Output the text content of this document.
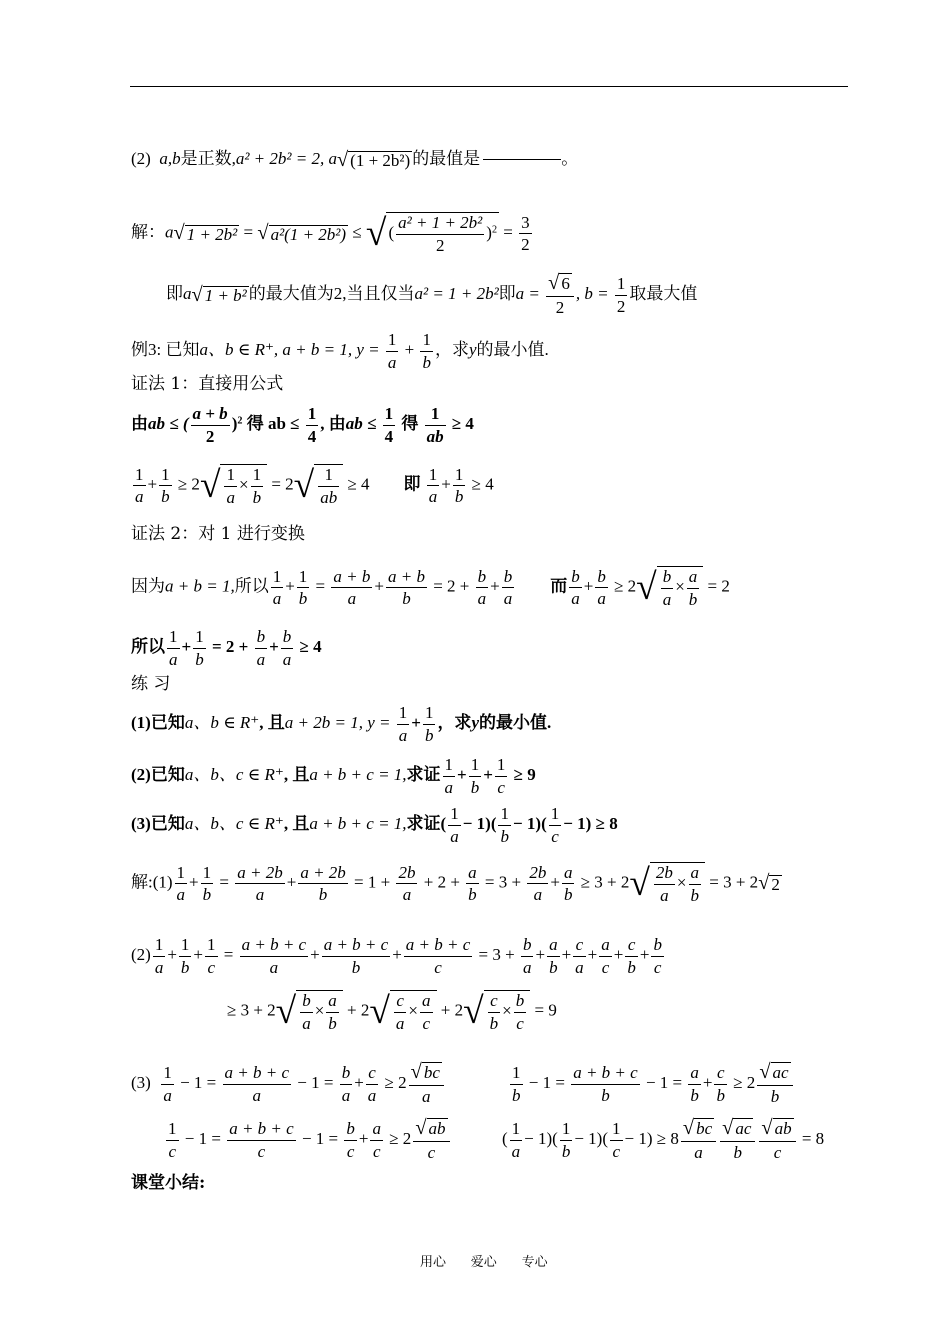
(2) a,b是正数,a² + 2b² = 2, a√ (1 + 2b²) 的最值是	。
解：a√ 1 + 2b² = √ a²(1 + 2b²) ≤ √ ( $\frac{\text{a² + 1 + 2b²}}{2} )^2 = \frac{3}{2}$
即a√ 1 + b² 的最大值为2,当且仅当a² = 1 + 2b²即$a = \frac{√ 6}{2}$ , $b = \frac{1}{2}$ 取最大值
例3: 已知a、b ∈ R⁺, a + b = 1, $y = \frac{1}{a} + \frac{1}{b}$ ，求y的最小值.
证法 1：直接用公式
由ab ≤ ( $\frac{a + b}{2} )^2$ 得 ab ≤ $\frac{1}{4}$ , 由ab ≤ $\frac{1}{4}$ 得 $\frac{1}{ab} \ge 4$
$\frac{1}{a} + \frac{1}{b} \ge 2√ \frac{1}{a} \times \frac{1}{b} = 2√ \frac{1}{ab} \ge 4$ 即 $\frac{1}{a} + \frac{1}{b} \ge 4$
证法 2：对 1 进行变换
因为a + b = 1,所以 $\frac{1}{a} + \frac{1}{b} = \frac{a + b}{a} + \frac{a + b}{b} = 2 + \frac{b}{a} + \frac{b}{a}$ 而 $\frac{b}{a} + \frac{b}{a} \ge 2√ \frac{b}{a} \times \frac{a}{b} = 2$
所以 $\frac{1}{a} + \frac{1}{b} = 2 + \frac{b}{a} + \frac{b}{a} \ge 4$
练 习
(1)已知a、b ∈ R⁺, 且a + 2b = 1, $y = \frac{1}{a} + \frac{1}{b}$ ，求y的最小值.
(2)已知a、b、c ∈ R⁺, 且a + b + c = 1,求证 $\frac{1}{a} + \frac{1}{b} + \frac{1}{c} \ge 9$
(3)已知a、b、c ∈ R⁺, 且a + b + c = 1,求证( $\frac{1}{a} - 1)( \frac{1}{b} - 1)( \frac{1}{c} - 1) \ge 8$
解:(1) $\frac{1}{a} + \frac{1}{b} = \frac{a + 2b}{a} + \frac{a + 2b}{b} = 1 + \frac{2b}{a} + 2 + \frac{a}{b} = 3 + \frac{2b}{a} + \frac{a}{b} \ge 3 + 2√ \frac{2b}{a} \times \frac{a}{b} = 3 + 2√$ 2
$(2) \frac{1}{a} + \frac{1}{b} + \frac{1}{c} = \frac{a + b + c}{a} + \frac{a + b + c}{b} + \frac{a + b + c}{c} = 3 + \frac{b}{a} + \frac{a}{b} + \frac{c}{a} + \frac{a}{c} + \frac{c}{b} + \frac{b}{c}$
≥ $3 + 2√ \frac{b}{a} \times \frac{a}{b} + 2√ \frac{c}{a} \times \frac{a}{c} + 2√ \frac{c}{b} \times \frac{b}{c} = 9$
$(3) \frac{1}{a} - 1 = \frac{a + b + c}{a} - 1 = \frac{b}{a} + \frac{c}{a} \ge 2 \frac{√ bc}{a}$	$\frac{1}{b} - 1 = \frac{a + b + c}{b} - 1 = \frac{a}{b} + \frac{c}{b} \ge 2 \frac{√ ac}{b}$
$\frac{1}{c} - 1 = \frac{a + b + c}{c} - 1 = \frac{b}{c} + \frac{a}{c} \ge 2 \frac{√ ab}{c}$	( $\frac{1}{a} - 1)( \frac{1}{b} - 1)( \frac{1}{c} - 1) \ge 8 \frac{√ bc}{a} \frac{√ ac}{b} \frac{√ ab}{c} = 8$
课堂小结:
用心      爱心      专心
